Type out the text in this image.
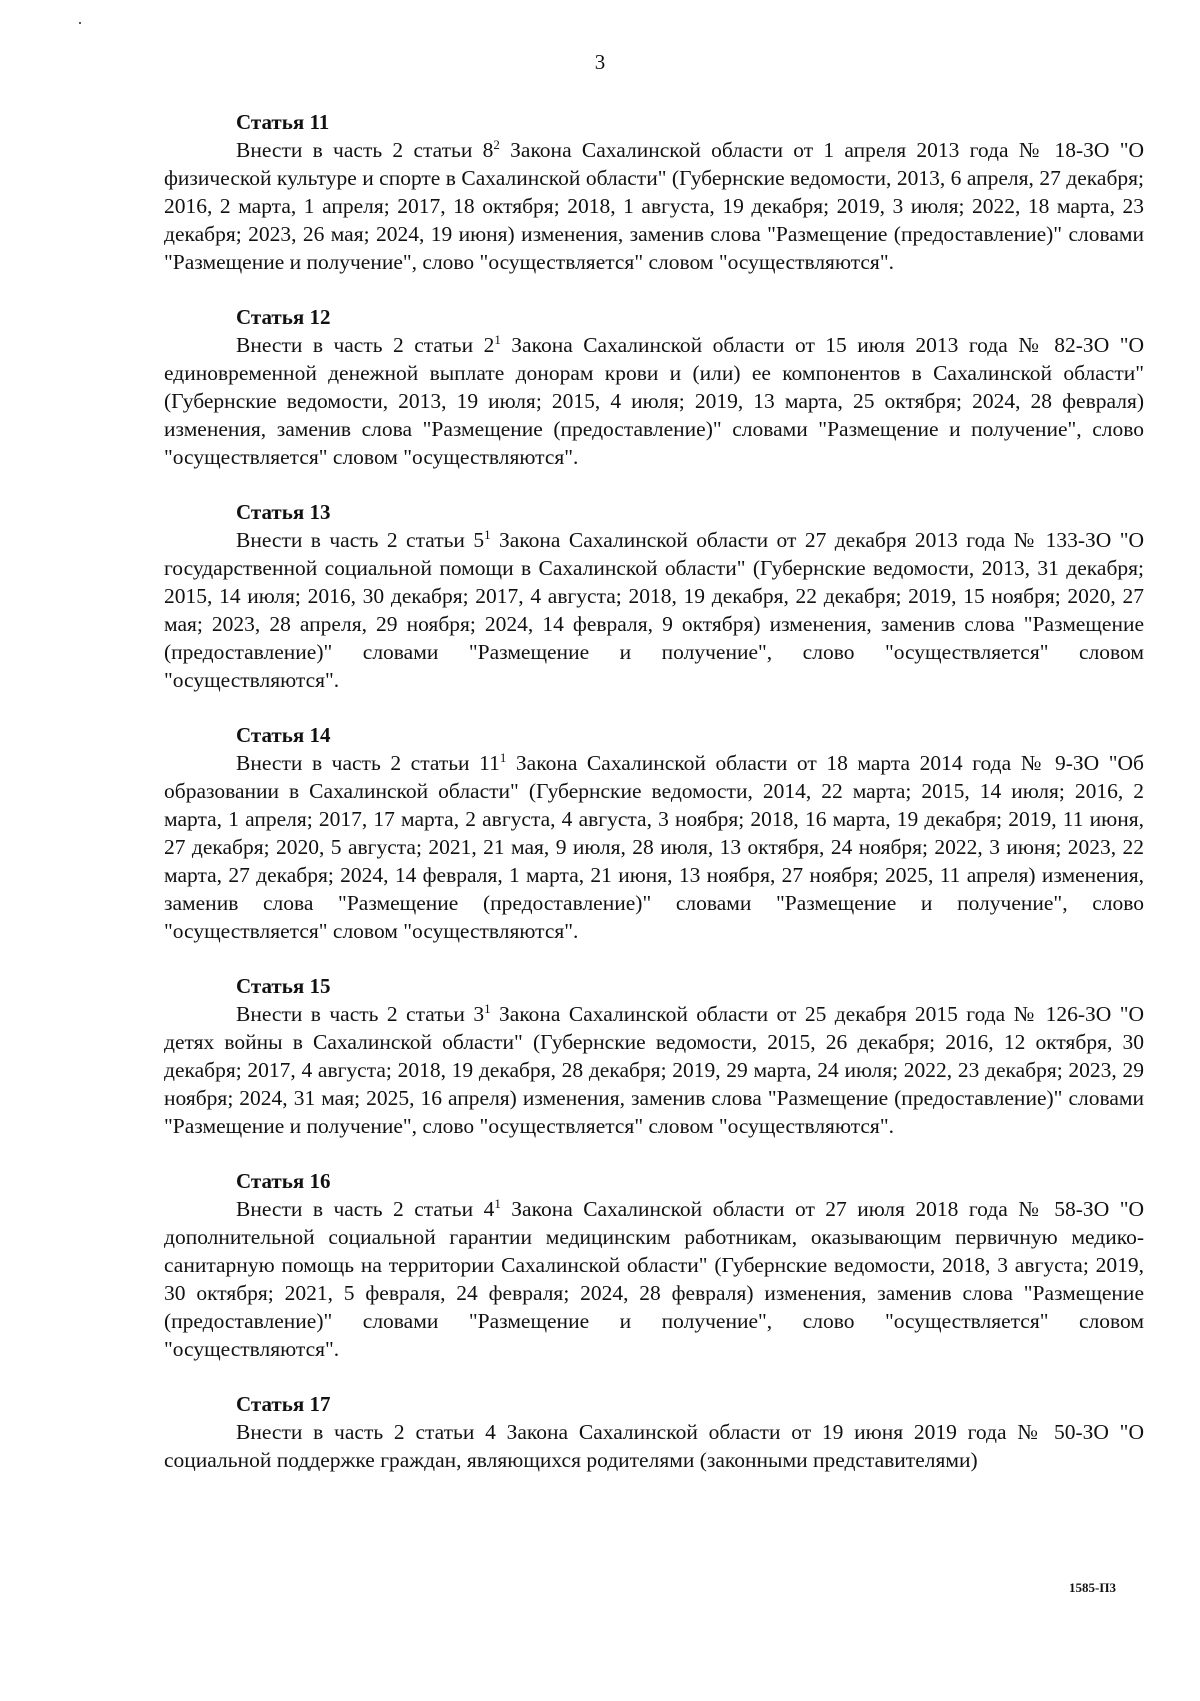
3
Статья 11
Внести в часть 2 статьи $8^2$ Закона Сахалинской области от 1 апреля 2013 года № 18-ЗО "О физической культуре и спорте в Сахалинской области" (Губернские ведомости, 2013, 6 апреля, 27 декабря; 2016, 2 марта, 1 апреля; 2017, 18 октября; 2018, 1 августа, 19 декабря; 2019, 3 июля; 2022, 18 марта, 23 декабря; 2023, 26 мая; 2024, 19 июня) изменения, заменив слова "Размещение (предоставление)" словами "Размещение и получение", слово "осуществляется" словом "осуществляются".
Статья 12
Внести в часть 2 статьи $2^1$ Закона Сахалинской области от 15 июля 2013 года № 82-ЗО "О единовременной денежной выплате донорам крови и (или) ее компонентов в Сахалинской области" (Губернские ведомости, 2013, 19 июля; 2015, 4 июля; 2019, 13 марта, 25 октября; 2024, 28 февраля) изменения, заменив слова "Размещение (предоставление)" словами "Размещение и получение", слово "осуществляется" словом "осуществляются".
Статья 13
Внести в часть 2 статьи $5^1$ Закона Сахалинской области от 27 декабря 2013 года № 133-ЗО "О государственной социальной помощи в Сахалинской области" (Губернские ведомости, 2013, 31 декабря; 2015, 14 июля; 2016, 30 декабря; 2017, 4 августа; 2018, 19 декабря, 22 декабря; 2019, 15 ноября; 2020, 27 мая; 2023, 28 апреля, 29 ноября; 2024, 14 февраля, 9 октября) изменения, заменив слова "Размещение (предоставление)" словами "Размещение и получение", слово "осуществляется" словом "осуществляются".
Статья 14
Внести в часть 2 статьи $11^1$ Закона Сахалинской области от 18 марта 2014 года № 9-ЗО "Об образовании в Сахалинской области" (Губернские ведомости, 2014, 22 марта; 2015, 14 июля; 2016, 2 марта, 1 апреля; 2017, 17 марта, 2 августа, 4 августа, 3 ноября; 2018, 16 марта, 19 декабря; 2019, 11 июня, 27 декабря; 2020, 5 августа; 2021, 21 мая, 9 июля, 28 июля, 13 октября, 24 ноября; 2022, 3 июня; 2023, 22 марта, 27 декабря; 2024, 14 февраля, 1 марта, 21 июня, 13 ноября, 27 ноября; 2025, 11 апреля) изменения, заменив слова "Размещение (предоставление)" словами "Размещение и получение", слово "осуществляется" словом "осуществляются".
Статья 15
Внести в часть 2 статьи $3^1$ Закона Сахалинской области от 25 декабря 2015 года № 126-ЗО "О детях войны в Сахалинской области" (Губернские ведомости, 2015, 26 декабря; 2016, 12 октября, 30 декабря; 2017, 4 августа; 2018, 19 декабря, 28 декабря; 2019, 29 марта, 24 июля; 2022, 23 декабря; 2023, 29 ноября; 2024, 31 мая; 2025, 16 апреля) изменения, заменив слова "Размещение (предоставление)" словами "Размещение и получение", слово "осуществляется" словом "осуществляются".
Статья 16
Внести в часть 2 статьи $4^1$ Закона Сахалинской области от 27 июля 2018 года № 58-ЗО "О дополнительной социальной гарантии медицинским работникам, оказывающим первичную медико-санитарную помощь на территории Сахалинской области" (Губернские ведомости, 2018, 3 августа; 2019, 30 октября; 2021, 5 февраля, 24 февраля; 2024, 28 февраля) изменения, заменив слова "Размещение (предоставление)" словами "Размещение и получение", слово "осуществляется" словом "осуществляются".
Статья 17
Внести в часть 2 статьи 4 Закона Сахалинской области от 19 июня 2019 года № 50-ЗО "О социальной поддержке граждан, являющихся родителями (законными представителями)
1585-П3
